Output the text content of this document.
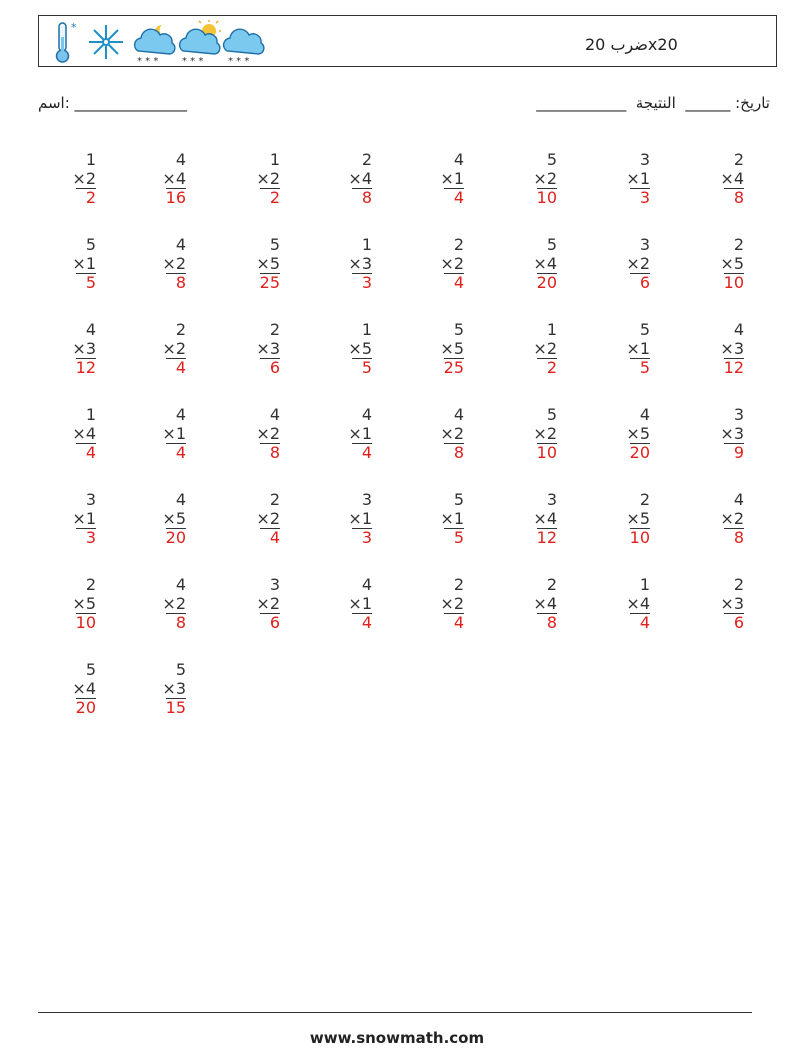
*
* * * * * * * * *
ضرب 20x20
اسم: _______________	تاريخ: ______  النتيجة  ____________
1
×2
2
4
×4
16
1
×2
2
2
×4
8
4
×1
4
5
×2
10
3
×1
3
2
×4
8
5
×1
5
4
×2
8
5
×5
25
1
×3
3
2
×2
4
5
×4
20
3
×2
6
2
×5
10
4
×3
12
2
×2
4
2
×3
6
1
×5
5
5
×5
25
1
×2
2
5
×1
5
4
×3
12
1
×4
4
4
×1
4
4
×2
8
4
×1
4
4
×2
8
5
×2
10
4
×5
20
3
×3
9
3
×1
3
4
×5
20
2
×2
4
3
×1
3
5
×1
5
3
×4
12
2
×5
10
4
×2
8
2
×5
10
4
×2
8
3
×2
6
4
×1
4
2
×2
4
2
×4
8
1
×4
4
2
×3
6
5
×4
20
5
×3
15
www.snowmath.com
